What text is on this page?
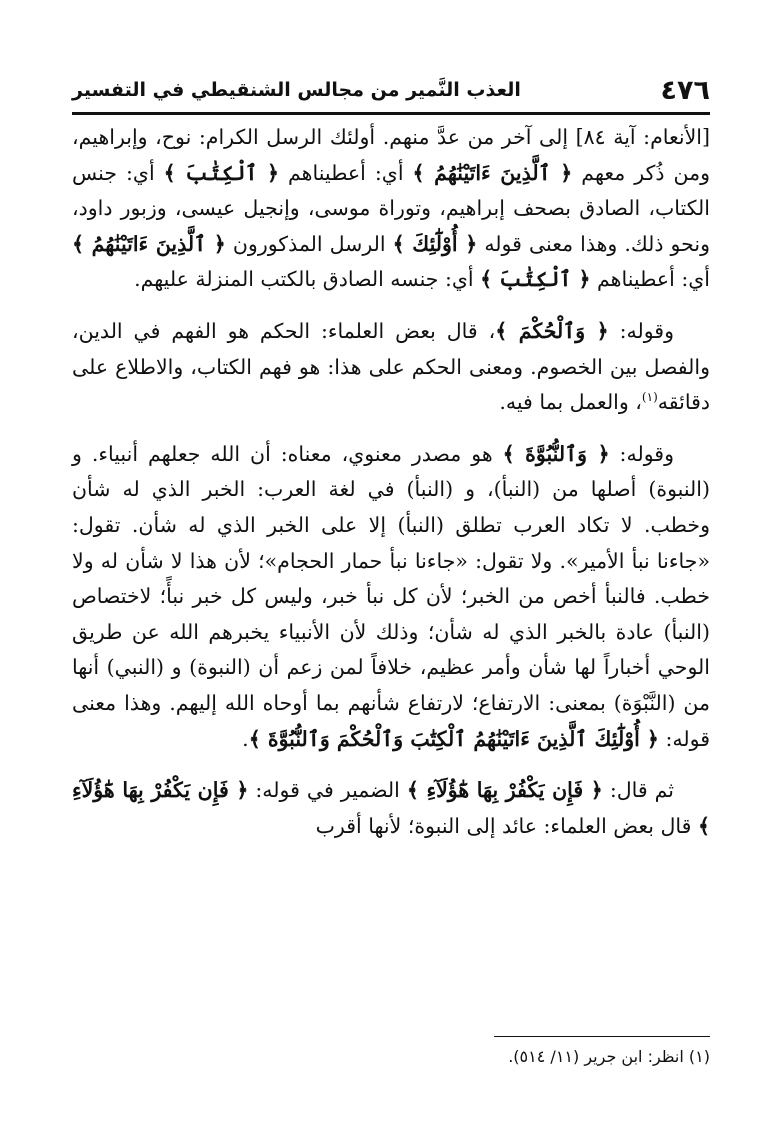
٤٧٦
العذب النَّمير من مجالس الشنقيطي في التفسير

[الأنعام: آية ٨٤] إلى آخر من عدَّ منهم. أولئك الرسل الكرام: نوح، وإبراهيم، ومن ذُكر معهم ﴿ ٱلَّذِينَ ءَاتَيْنَٰهُمُ ﴾ أي: أعطيناهم ﴿ ٱلْكِتَٰبَ ﴾ أي: جنس الكتاب، الصادق بصحف إبراهيم، وتوراة موسى، وإنجيل عيسى، وزبور داود، ونحو ذلك. وهذا معنى قوله ﴿ أُوْلَٰٓئِكَ ﴾ الرسل المذكورون ﴿ ٱلَّذِينَ ءَاتَيْنَٰهُمُ ﴾ أي: أعطيناهم ﴿ ٱلْكِتَٰبَ ﴾ أي: جنسه الصادق بالكتب المنزلة عليهم.

وقوله: ﴿ وَٱلْحُكْمَ ﴾، قال بعض العلماء: الحكم هو الفهم في الدين، والفصل بين الخصوم. ومعنى الحكم على هذا: هو فهم الكتاب، والاطلاع على دقائقه$^{(١)}$، والعمل بما فيه.

وقوله: ﴿ وَٱلنُّبُوَّةَ ﴾ هو مصدر معنوي، معناه: أن الله جعلهم أنبياء. و (النبوة) أصلها من (النبأ)، و (النبأ) في لغة العرب: الخبر الذي له شأن وخطب. لا تكاد العرب تطلق (النبأ) إلا على الخبر الذي له شأن. تقول: «جاءنا نبأ الأمير». ولا تقول: «جاءنا نبأ حمار الحجام»؛ لأن هذا لا شأن له ولا خطب. فالنبأ أخص من الخبر؛ لأن كل نبأ خبر، وليس كل خبر نبأً؛ لاختصاص (النبأ) عادة بالخبر الذي له شأن؛ وذلك لأن الأنبياء يخبرهم الله عن طريق الوحي أخباراً لها شأن وأمر عظيم، خلافاً لمن زعم أن (النبوة) و (النبي) أنها من (النَّبْوَة) بمعنى: الارتفاع؛ لارتفاع شأنهم بما أوحاه الله إليهم. وهذا معنى قوله: ﴿ أُوْلَٰٓئِكَ ٱلَّذِينَ ءَاتَيْنَٰهُمُ ٱلْكِتَٰبَ وَٱلْحُكْمَ وَٱلنُّبُوَّةَ ﴾.

ثم قال: ﴿ فَإِن يَكْفُرْ بِهَا هَٰٓؤُلَآءِ ﴾ الضمير في قوله: ﴿ فَإِن يَكْفُرْ بِهَا هَٰٓؤُلَآءِ ﴾ قال بعض العلماء: عائد إلى النبوة؛ لأنها أقرب

(١) انظر: ابن جرير (١١/ ٥١٤).
